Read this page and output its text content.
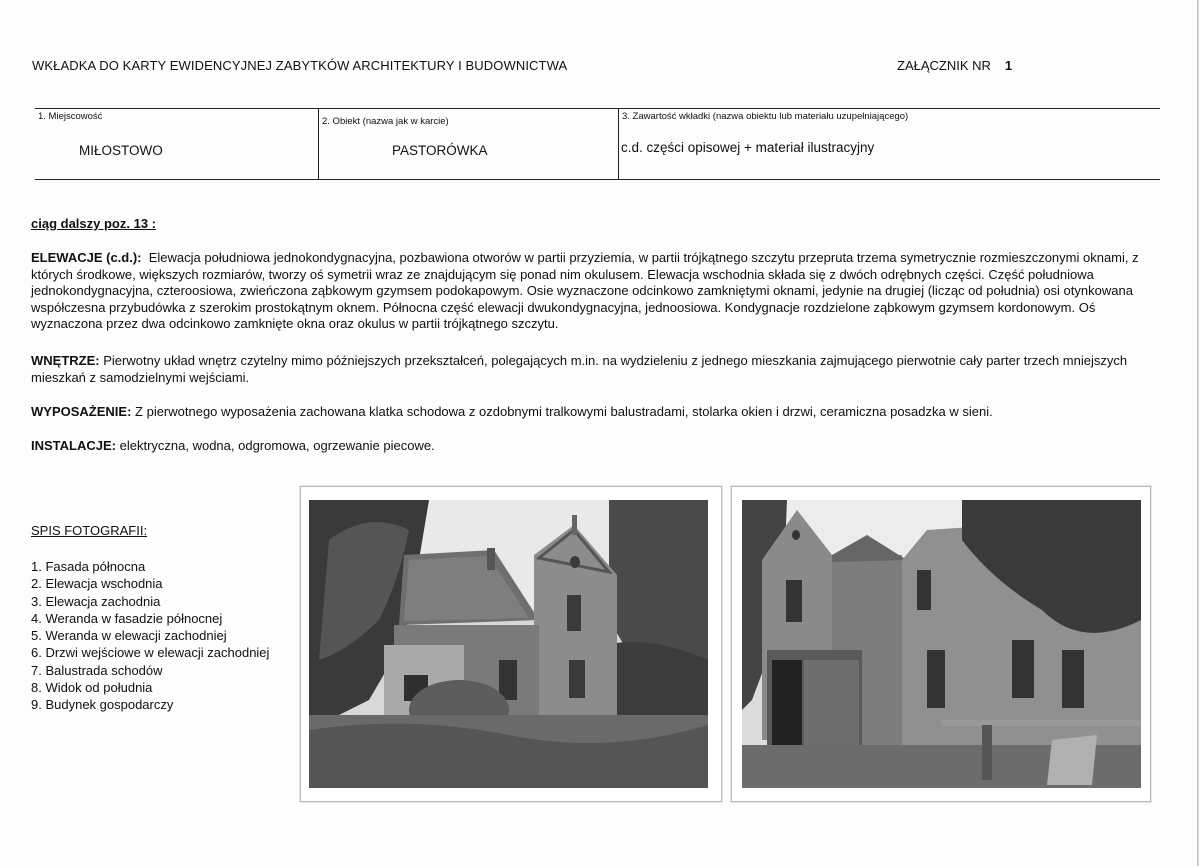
WKŁADKA DO KARTY EWIDENCYJNEJ ZABYTKÓW ARCHITEKTURY I BUDOWNICTWA	ZAŁĄCZNIK NR 1
1. Miejscowość
MIŁOSTOWO
2. Obiekt (nazwa jak w karcie)
PASTORÓWKA
3. Zawartość wkładki (nazwa obiektu lub materiału uzupełniającego)
c.d. części opisowej + materiał ilustracyjny
ciąg dalszy poz. 13 :
ELEWACJE (c.d.): Elewacja południowa jednokondygnacyjna, pozbawiona otworów w partii przyziemia, w partii trójkątnego szczytu przepruta trzema symetrycznie rozmieszczonymi oknami, z których środkowe, większych rozmiarów, tworzy oś symetrii wraz ze znajdującym się ponad nim okulusem. Elewacja wschodnia składa się z dwóch odrębnych części. Część południowa jednokondygnacyjna, czteroosiowa, zwieńczona ząbkowym gzymsem podokapowym. Osie wyznaczone odcinkowo zamkniętymi oknami, jedynie na drugiej (licząc od południa) osi otynkowana współczesna przybudówka z szerokim prostokątnym oknem. Północna część elewacji dwukondygnacyjna, jednoosiowa. Kondygnacje rozdzielone ząbkowym gzymsem kordonowym. Oś wyznaczona przez dwa odcinkowo zamknięte okna oraz okulus w partii trójkątnego szczytu.
WNĘTRZE: Pierwotny układ wnętrz czytelny mimo późniejszych przekształceń, polegających m.in. na wydzieleniu z jednego mieszkania zajmującego pierwotnie cały parter trzech mniejszych mieszkań z samodzielnymi wejściami.
WYPOSAŻENIE: Z pierwotnego wyposażenia zachowana klatka schodowa z ozdobnymi tralkowymi balustradami, stolarka okien i drzwi, ceramiczna posadzka w sieni.
INSTALACJE: elektryczna, wodna, odgromowa, ogrzewanie piecowe.
SPIS FOTOGRAFII:
1. Fasada północna
2. Elewacja wschodnia
3. Elewacja zachodnia
4. Weranda w fasadzie północnej
5. Weranda w elewacji zachodniej
6. Drzwi wejściowe w elewacji zachodniej
7. Balustrada schodów
8. Widok od południa
9. Budynek gospodarczy
